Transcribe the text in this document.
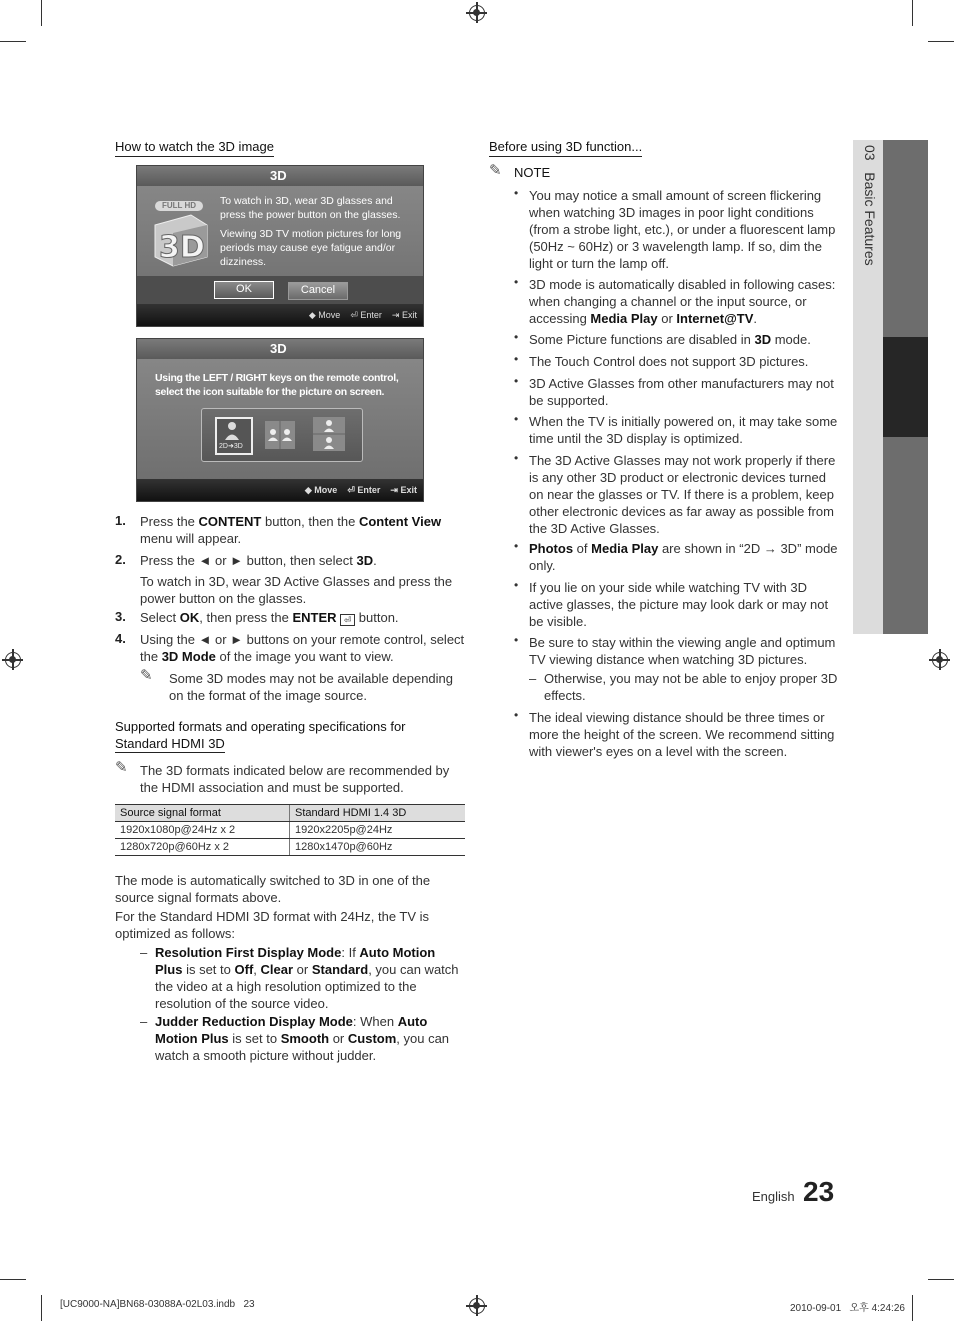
03   Basic Features
How to watch the 3D image
3D
FULL HD
3D
To watch in 3D, wear 3D glasses and press the power button on the glasses.
Viewing 3D TV motion pictures for long periods may cause eye fatigue and/or dizziness.
OK	Cancel
◆ Move ⏎ Enter ⇥ Exit
3D
Using the LEFT / RIGHT keys on the remote control, select the icon suitable for the picture on screen.
2D➜3D
◆ Move ⏎ Enter ⇥ Exit
1. Press the CONTENT button, then the Content View menu will appear.
2. Press the ◄ or ► button, then select 3D.
To watch in 3D, wear 3D Active Glasses and press the power button on the glasses.
3. Select OK, then press the ENTER ⏎ button.
4. Using the ◄ or ► buttons on your remote control, select the 3D Mode of the image you want to view.
✎ Some 3D modes may not be available depending on the format of the image source.
Supported formats and operating specifications for
Standard HDMI 3D
✎ The 3D formats indicated below are recommended by the HDMI association and must be supported.
Source signal format	Standard HDMI 1.4 3D
1920x1080p@24Hz x 2	1920x2205p@24Hz
1280x720p@60Hz x 2	1280x1470p@60Hz
The mode is automatically switched to 3D in one of the source signal formats above.
For the Standard HDMI 3D format with 24Hz, the TV is optimized as follows:
– Resolution First Display Mode: If Auto Motion Plus is set to Off, Clear or Standard, you can watch the video at a high resolution optimized to the resolution of the source video.
– Judder Reduction Display Mode: When Auto Motion Plus is set to Smooth or Custom, you can watch a smooth picture without judder.
Before using 3D function...
✎ NOTE
• You may notice a small amount of screen flickering when watching 3D images in poor light conditions (from a strobe light, etc.), or under a fluorescent lamp (50Hz ~ 60Hz) or 3 wavelength lamp. If so, dim the light or turn the lamp off.
• 3D mode is automatically disabled in following cases: when changing a channel or the input source, or accessing Media Play or Internet@TV.
• Some Picture functions are disabled in 3D mode.
• The Touch Control does not support 3D pictures.
• 3D Active Glasses from other manufacturers may not be supported.
• When the TV is initially powered on, it may take some time until the 3D display is optimized.
• The 3D Active Glasses may not work properly if there is any other 3D product or electronic devices turned on near the glasses or TV. If there is a problem, keep other electronic devices as far away as possible from the 3D Active Glasses.
• Photos of Media Play are shown in “2D → 3D” mode only.
• If you lie on your side while watching TV with 3D active glasses, the picture may look dark or may not be visible.
• Be sure to stay within the viewing angle and optimum TV viewing distance when watching 3D pictures.
– Otherwise, you may not be able to enjoy proper 3D effects.
• The ideal viewing distance should be three times or more the height of the screen. We recommend sitting with viewer's eyes on a level with the screen.
English 23
[UC9000-NA]BN68-03088A-02L03.indb   23	2010-09-01   오후 4:24:26
